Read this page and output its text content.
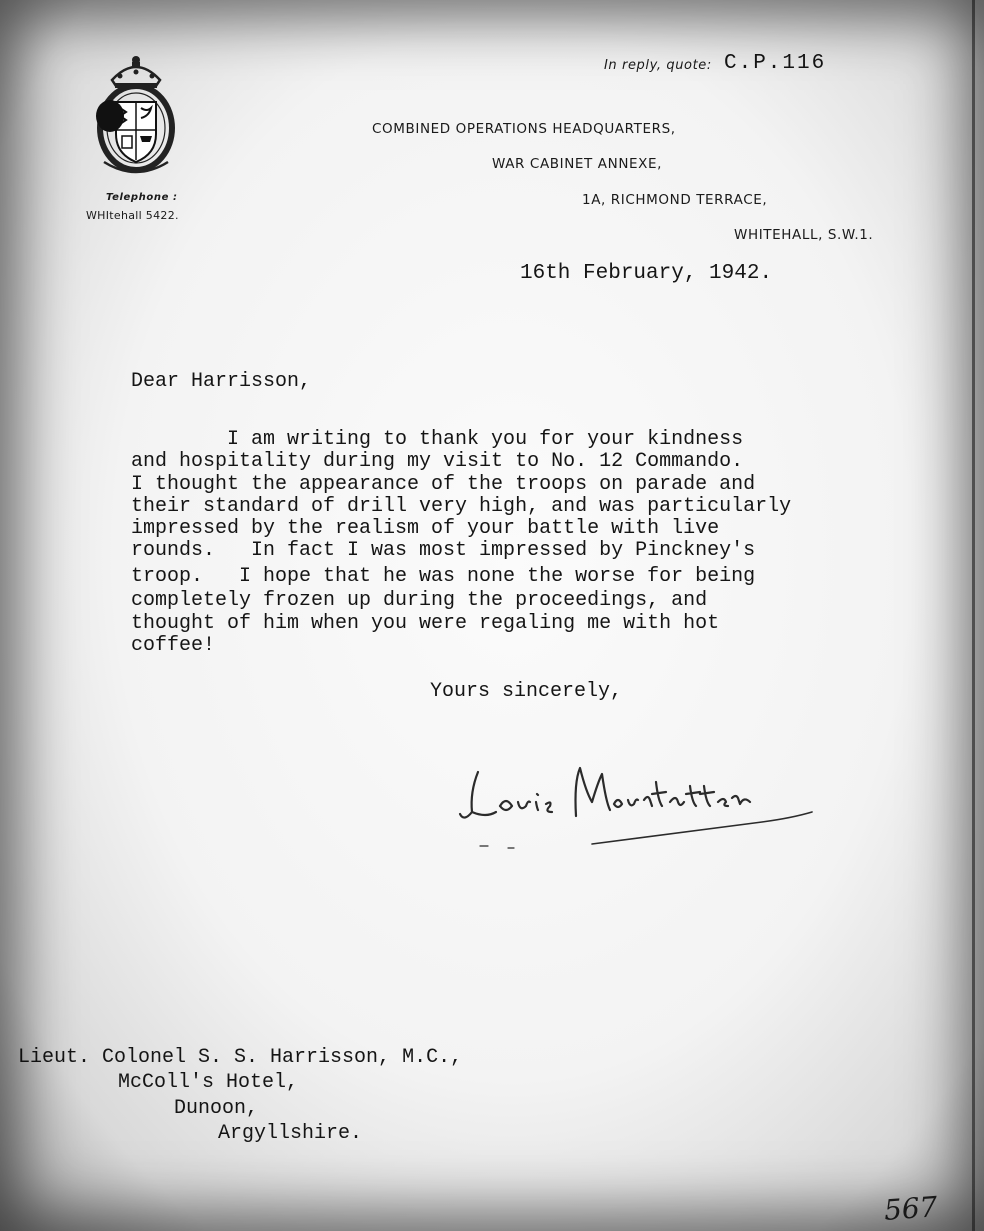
In reply, quote: C.P.116
Telephone :
WHItehall 5422.
COMBINED OPERATIONS HEADQUARTERS,
WAR CABINET ANNEXE,
1A, RICHMOND TERRACE,
WHITEHALL, S.W.1.
16th February, 1942.
Dear Harrisson,
I am writing to thank you for your kindness
and hospitality during my visit to No. 12 Commando.
I thought the appearance of the troops on parade and
their standard of drill very high, and was particularly
impressed by the realism of your battle with live
rounds.   In fact I was most impressed by Pinckney's
troop.   I hope that he was none the worse for being
completely frozen up during the proceedings, and
thought of him when you were regaling me with hot
coffee!
Yours sincerely,
Lieut. Colonel S. S. Harrisson, M.C.,
McColl's Hotel,
Dunoon,
Argyllshire.
567
